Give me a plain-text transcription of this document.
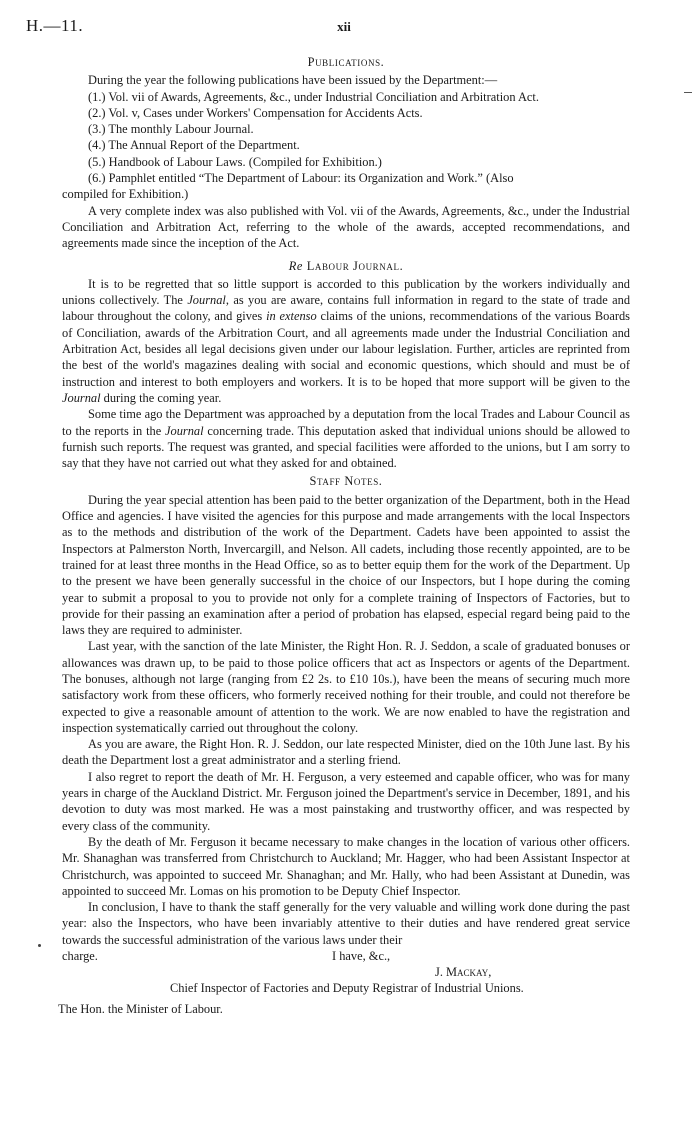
H.—11.	xii
Publications.

During the year the following publications have been issued by the Department:—

(1.) Vol. vii of Awards, Agreements, &c., under Industrial Conciliation and Arbitration Act.

(2.) Vol. v, Cases under Workers' Compensation for Accidents Acts.

(3.) The monthly Labour Journal.

(4.) The Annual Report of the Department.

(5.) Handbook of Labour Laws. (Compiled for Exhibition.)

(6.) Pamphlet entitled “The Department of Labour: its Organization and Work.” (Also

compiled for Exhibition.)

A very complete index was also published with Vol. vii of the Awards, Agreements, &c., under the Industrial Conciliation and Arbitration Act, referring to the whole of the awards, accepted recommendations, and agreements made since the inception of the Act.

Re Labour Journal.

It is to be regretted that so little support is accorded to this publication by the workers individually and unions collectively. The Journal, as you are aware, contains full information in regard to the state of trade and labour throughout the colony, and gives in extenso claims of the unions, recommendations of the various Boards of Conciliation, awards of the Arbitration Court, and all agreements made under the Industrial Conciliation and Arbitration Act, besides all legal decisions given under our labour legislation. Further, articles are reprinted from the best of the world's magazines dealing with social and economic questions, which should and must be of instruction and interest to both employers and workers. It is to be hoped that more support will be given to the Journal during the coming year.

Some time ago the Department was approached by a deputation from the local Trades and Labour Council as to the reports in the Journal concerning trade. This deputation asked that individual unions should be allowed to furnish such reports. The request was granted, and special facilities were afforded to the unions, but I am sorry to say that they have not carried out what they asked for and obtained.

Staff Notes.

During the year special attention has been paid to the better organization of the Department, both in the Head Office and agencies. I have visited the agencies for this purpose and made arrangements with the local Inspectors as to the methods and distribution of the work of the Department. Cadets have been appointed to assist the Inspectors at Palmerston North, Invercargill, and Nelson. All cadets, including those recently appointed, are to be trained for at least three months in the Head Office, so as to better equip them for the work of the Department. Up to the present we have been generally successful in the choice of our Inspectors, but I hope during the coming year to submit a proposal to you to provide not only for a complete training of Inspectors of Factories, but to provide for their passing an examination after a period of probation has elapsed, especial regard being paid to the laws they are required to administer.

Last year, with the sanction of the late Minister, the Right Hon. R. J. Seddon, a scale of graduated bonuses or allowances was drawn up, to be paid to those police officers that act as Inspectors or agents of the Department. The bonuses, although not large (ranging from £2 2s. to £10 10s.), have been the means of securing much more satisfactory work from these officers, who formerly received nothing for their trouble, and could not therefore be expected to give a reasonable amount of attention to the work. We are now enabled to have the registration and inspection systematically carried out throughout the colony.

As you are aware, the Right Hon. R. J. Seddon, our late respected Minister, died on the 10th June last. By his death the Department lost a great administrator and a sterling friend.

I also regret to report the death of Mr. H. Ferguson, a very esteemed and capable officer, who was for many years in charge of the Auckland District. Mr. Ferguson joined the Department's service in December, 1891, and his devotion to duty was most marked. He was a most painstaking and trustworthy officer, and was respected by every class of the community.

By the death of Mr. Ferguson it became necessary to make changes in the location of various other officers. Mr. Shanaghan was transferred from Christchurch to Auckland; Mr. Hagger, who had been Assistant Inspector at Christchurch, was appointed to succeed Mr. Shanaghan; and Mr. Hally, who had been Assistant at Dunedin, was appointed to succeed Mr. Lomas on his promotion to be Deputy Chief Inspector.

In conclusion, I have to thank the staff generally for the very valuable and willing work done during the past year: also the Inspectors, who have been invariably attentive to their duties and have rendered great service towards the successful administration of the various laws under their

charge.	I have, &c.,

J. Mackay,

Chief Inspector of Factories and Deputy Registrar of Industrial Unions.

The Hon. the Minister of Labour.
